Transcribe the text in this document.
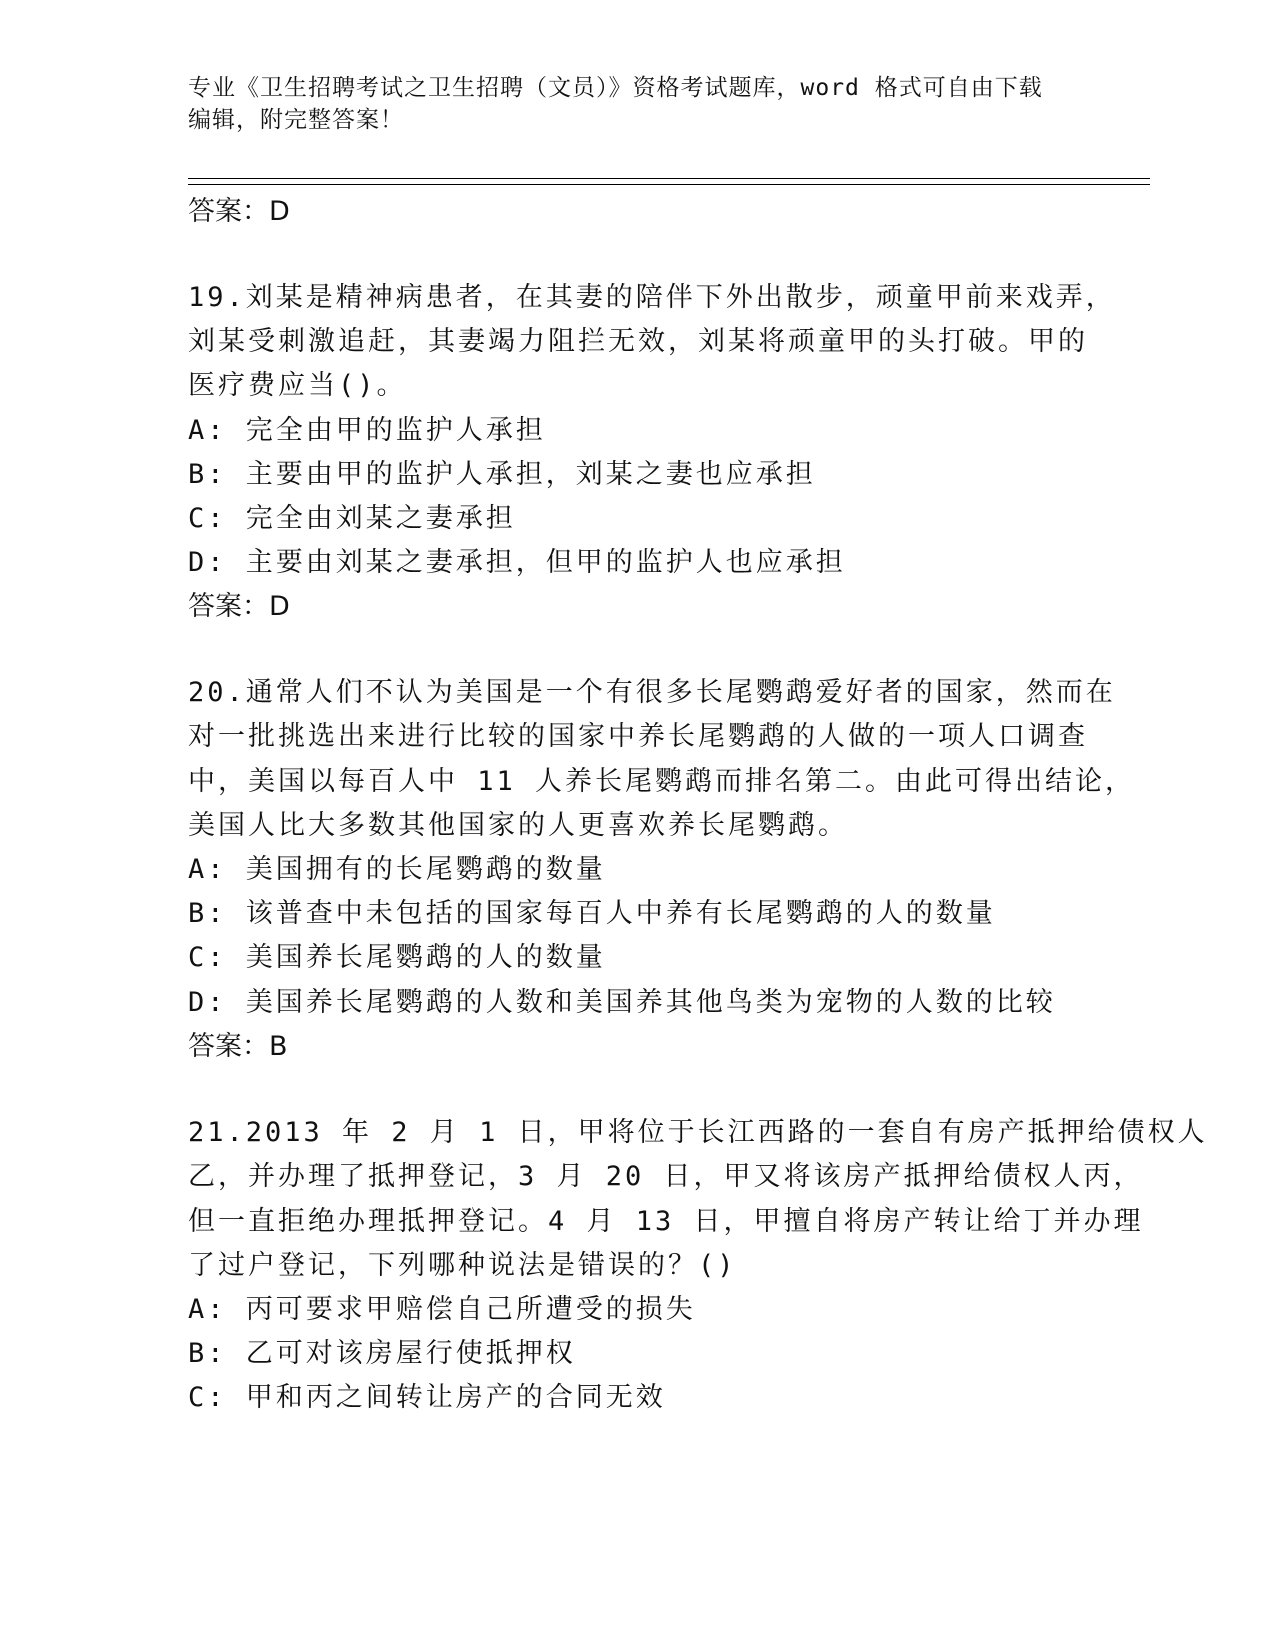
专业《卫生招聘考试之卫生招聘（文员）》资格考试题库，word 格式可自由下载
编辑，附完整答案！
答案：D
19.刘某是精神病患者，在其妻的陪伴下外出散步，顽童甲前来戏弄，
刘某受刺激追赶，其妻竭力阻拦无效，刘某将顽童甲的头打破。甲的
医疗费应当()。
A: 完全由甲的监护人承担
B: 主要由甲的监护人承担，刘某之妻也应承担
C: 完全由刘某之妻承担
D: 主要由刘某之妻承担，但甲的监护人也应承担
答案：D
20.通常人们不认为美国是一个有很多长尾鹦鹉爱好者的国家，然而在
对一批挑选出来进行比较的国家中养长尾鹦鹉的人做的一项人口调查
中，美国以每百人中 11 人养长尾鹦鹉而排名第二。由此可得出结论，
美国人比大多数其他国家的人更喜欢养长尾鹦鹉。
A: 美国拥有的长尾鹦鹉的数量
B: 该普查中未包括的国家每百人中养有长尾鹦鹉的人的数量
C: 美国养长尾鹦鹉的人的数量
D: 美国养长尾鹦鹉的人数和美国养其他鸟类为宠物的人数的比较
答案：B
21.2013 年 2 月 1 日，甲将位于长江西路的一套自有房产抵押给债权人
乙，并办理了抵押登记，3 月 20 日，甲又将该房产抵押给债权人丙，
但一直拒绝办理抵押登记。4 月 13 日，甲擅自将房产转让给丁并办理
了过户登记，下列哪种说法是错误的？()
A: 丙可要求甲赔偿自己所遭受的损失
B: 乙可对该房屋行使抵押权
C: 甲和丙之间转让房产的合同无效
